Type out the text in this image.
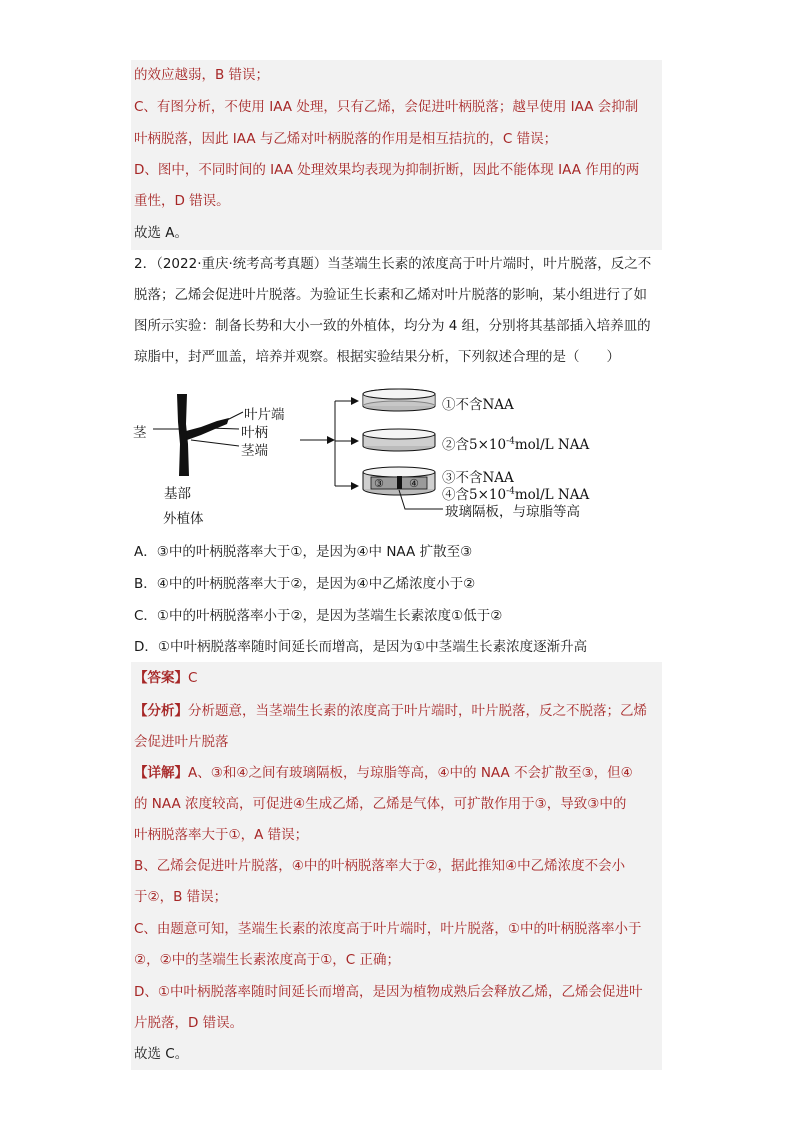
的效应越弱，B 错误；
C、有图分析，不使用 IAA 处理，只有乙烯，会促进叶柄脱落；越早使用 IAA 会抑制
叶柄脱落，因此 IAA 与乙烯对叶柄脱落的作用是相互拮抗的，C 错误；
D、图中，不同时间的 IAA 处理效果均表现为抑制折断，因此不能体现 IAA 作用的两
重性，D 错误。
故选 A。
2．（2022·重庆·统考高考真题）当茎端生长素的浓度高于叶片端时，叶片脱落，反之不
脱落；乙烯会促进叶片脱落。为验证生长素和乙烯对叶片脱落的影响，某小组进行了如
图所示实验：制备长势和大小一致的外植体，均分为 4 组，分别将其基部插入培养皿的
琼脂中，封严皿盖，培养并观察。根据实验结果分析，下列叙述合理的是（　　）
茎
叶片端
叶柄
茎端
基部
外植体
①不含NAA
②含$5\times 10^{-4}mol/L$ NAA
③不含NAA
④含$5\times 10^{-4}mol/L$ NAA
③ ④
玻璃隔板，与琼脂等高
A．③中的叶柄脱落率大于①，是因为④中 NAA 扩散至③
B．④中的叶柄脱落率大于②，是因为④中乙烯浓度小于②
C．①中的叶柄脱落率小于②，是因为茎端生长素浓度①低于②
D．①中叶柄脱落率随时间延长而增高，是因为①中茎端生长素浓度逐渐升高
【答案】C
【分析】分析题意，当茎端生长素的浓度高于叶片端时，叶片脱落，反之不脱落；乙烯
会促进叶片脱落
【详解】A、③和④之间有玻璃隔板，与琼脂等高，④中的 NAA 不会扩散至③，但④
的 NAA 浓度较高，可促进④生成乙烯，乙烯是气体，可扩散作用于③，导致③中的
叶柄脱落率大于①，A 错误；
B、乙烯会促进叶片脱落，④中的叶柄脱落率大于②，据此推知④中乙烯浓度不会小
于②，B 错误；
C、由题意可知，茎端生长素的浓度高于叶片端时，叶片脱落，①中的叶柄脱落率小于
②，②中的茎端生长素浓度高于①，C 正确；
D、①中叶柄脱落率随时间延长而增高，是因为植物成熟后会释放乙烯，乙烯会促进叶
片脱落，D 错误。
故选 C。
